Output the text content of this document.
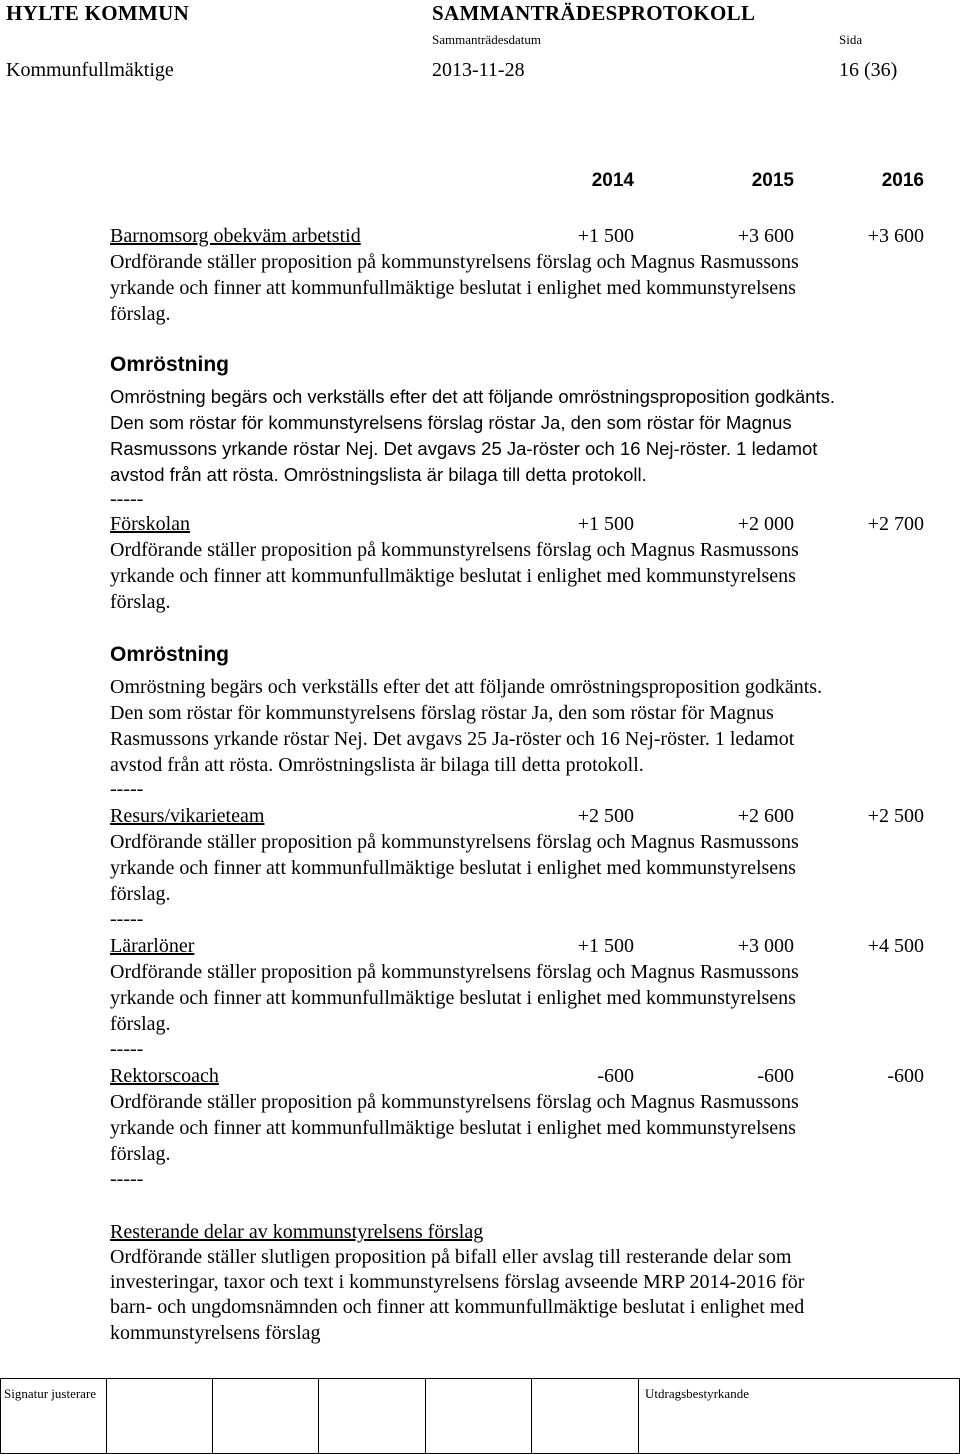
HYLTE KOMMUN	SAMMANTRÄDESPROTOKOLL
Sammanträdesdatum	Sida
Kommunfullmäktige	2013-11-28	16 (36)
2014	2015	2016
Barnomsorg obekväm arbetstid	+1 500	+3 600	+3 600
Ordförande ställer proposition på kommunstyrelsens förslag och Magnus Rasmussons
yrkande och finner att kommunfullmäktige beslutat i enlighet med kommunstyrelsens
förslag.
Omröstning
Omröstning begärs och verkställs efter det att följande omröstningsproposition godkänts.
Den som röstar för kommunstyrelsens förslag röstar Ja, den som röstar för Magnus
Rasmussons yrkande röstar Nej. Det avgavs 25 Ja-röster och 16 Nej-röster. 1 ledamot
avstod från att rösta. Omröstningslista är bilaga till detta protokoll.
-----
Förskolan	+1 500	+2 000	+2 700
Ordförande ställer proposition på kommunstyrelsens förslag och Magnus Rasmussons
yrkande och finner att kommunfullmäktige beslutat i enlighet med kommunstyrelsens
förslag.
Omröstning
Omröstning begärs och verkställs efter det att följande omröstningsproposition godkänts.
Den som röstar för kommunstyrelsens förslag röstar Ja, den som röstar för Magnus
Rasmussons yrkande röstar Nej. Det avgavs 25 Ja-röster och 16 Nej-röster. 1 ledamot
avstod från att rösta. Omröstningslista är bilaga till detta protokoll.
-----
Resurs/vikarieteam	+2 500	+2 600	+2 500
Ordförande ställer proposition på kommunstyrelsens förslag och Magnus Rasmussons
yrkande och finner att kommunfullmäktige beslutat i enlighet med kommunstyrelsens
förslag.
-----
Lärarlöner	+1 500	+3 000	+4 500
Ordförande ställer proposition på kommunstyrelsens förslag och Magnus Rasmussons
yrkande och finner att kommunfullmäktige beslutat i enlighet med kommunstyrelsens
förslag.
-----
Rektorscoach	-600	-600	-600
Ordförande ställer proposition på kommunstyrelsens förslag och Magnus Rasmussons
yrkande och finner att kommunfullmäktige beslutat i enlighet med kommunstyrelsens
förslag.
-----
Resterande delar av kommunstyrelsens förslag
Ordförande ställer slutligen proposition på bifall eller avslag till resterande delar som
investeringar, taxor och text i kommunstyrelsens förslag avseende MRP 2014-2016 för
barn- och ungdomsnämnden och finner att kommunfullmäktige beslutat i enlighet med
kommunstyrelsens förslag
Signatur justerare	Utdragsbestyrkande
